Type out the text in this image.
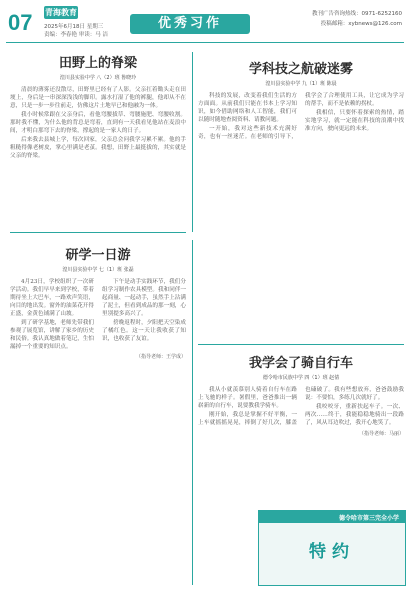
07 青海教育
2025年6月18日 星期三
责编：李春艳 审读：马 洁
优秀习作
教刊广告咨询热线：0971-6252160
投稿邮箱：xybnews@126.com
田野上的脊梁
湟川县实验中学 八（2）班 鲁晓玲

清晨的薄雾还没散尽，田野里已经有了人影。父亲扛着锄头走在田埂上，身后是一串深深浅浅的脚印。露水打湿了他的裤腿，他却从不在意，只是一步一步往前走，仿佛这片土地早已和他融为一体。

我小时候常跟在父亲身后，看他弯腰拔草、弯腰施肥、弯腰收割。那时我不懂，为什么他的背总是弯着，直到有一天我看见他站在麦浪中间，才明白那弯下去的脊梁，撑起的是一家人的日子。

后来我去县城上学，每次回家，父亲总会问我学习累不累。他的手粗糙得像老树皮，掌心里满是老茧。我想，田野上最挺拔的，其实就是父亲的脊梁。

学科技之航破迷雾
湟川县实验中学 九（1）班 陈晨

科技的发展，改变着我们生活的方方面面。从前我们只能在书本上学习知识，如今借助网络和人工智能，我们可以随时随地查阅资料、请教问题。

一开始，我对这些新技术充满好奇，也有一丝迷茫。在老师的引导下，我学会了合理使用工具，让它成为学习的帮手，而不是依赖的拐杖。

我相信，只要怀着探索的热情，踏实地学习，就一定能在科技的浪潮中找准方向，驶向更远的未来。

研学一日游
湟川县实验中学 七（1）班 张磊

4月23日，学校组织了一次研学活动。我们早早来到学校，带着期待坐上大巴车，一路欢声笑语，向目的地出发。窗外的油菜花开得正盛，金黄色铺满了山坡。

到了研学基地，老师先带我们参观了展览馆，讲解了家乡的历史和民俗。我认真地做着笔记，生怕漏掉一个重要的知识点。

下午是动手实践环节，我们分组学习制作农具模型。我和同伴一起商量、一起动手，虽然手上沾满了泥土，但看到成品的那一刻，心里别提多高兴了。

傍晚返程时，夕阳把天空染成了橘红色。这一天让我收获了知识，也收获了友谊。

（指导老师：王学成）	我学会了骑自行车
德令哈市民族中学 四（1）班 赵倩

我从小就羡慕别人骑着自行车在路上飞驰的样子。暑假里，爸爸推出一辆崭新的自行车，说要教我学骑车。

刚开始，我总是掌握不好平衡，一上车就摇摇晃晃，摔倒了好几次，膝盖也磕破了。我有些想放弃，爸爸鼓励我说：不要怕，多练几次就好了。

我咬咬牙，重新扶起车子。一次、两次……终于，我能稳稳地骑出一段路了，风从耳边吹过，我开心地笑了。

（指导老师：马丽）
德令哈市第三完全小学
特约
